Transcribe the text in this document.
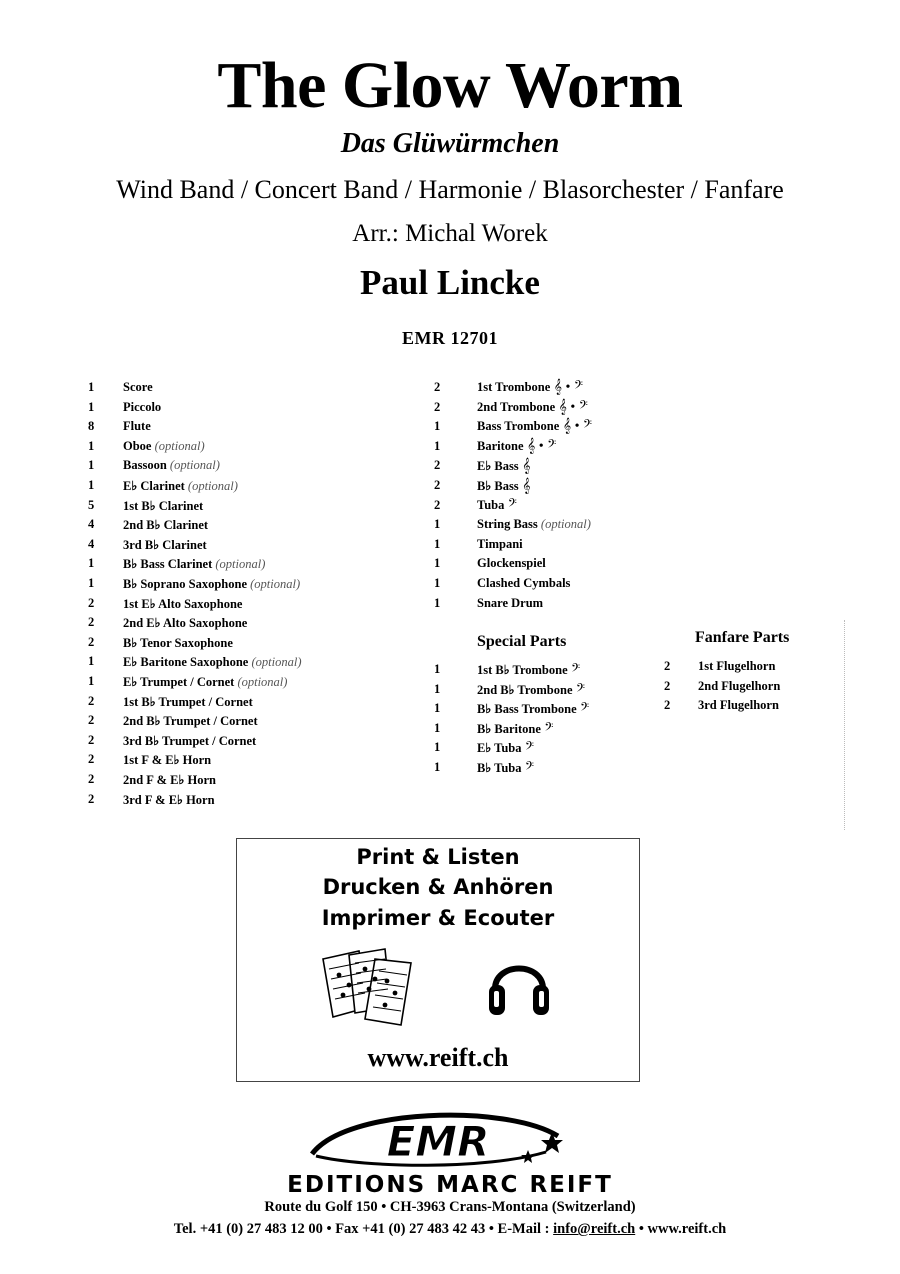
The Glow Worm
Das Glüwürmchen
Wind Band / Concert Band / Harmonie / Blasorchester / Fanfare
Arr.: Michal Worek
Paul Lincke
EMR 12701
1 Score
1 Piccolo
8 Flute
1 Oboe (optional)
1 Bassoon (optional)
1 E♭ Clarinet (optional)
5 1st B♭ Clarinet
4 2nd B♭ Clarinet
4 3rd B♭ Clarinet
1 B♭ Bass Clarinet (optional)
1 B♭ Soprano Saxophone (optional)
2 1st E♭ Alto Saxophone
2 2nd E♭ Alto Saxophone
2 B♭ Tenor Saxophone
1 E♭ Baritone Saxophone (optional)
1 E♭ Trumpet / Cornet (optional)
2 1st B♭ Trumpet / Cornet
2 2nd B♭ Trumpet / Cornet
2 3rd B♭ Trumpet / Cornet
2 1st F & E♭ Horn
2 2nd F & E♭ Horn
2 3rd F & E♭ Horn
2	1st Trombone 𝄞 • 𝄢
2	2nd Trombone 𝄞 • 𝄢
1	Bass Trombone 𝄞 • 𝄢
1	Baritone 𝄞 • 𝄢
2	E♭ Bass 𝄞
2	B♭ Bass 𝄞
2	Tuba 𝄢
1	String Bass (optional)
1	Timpani
1	Glockenspiel
1	Clashed Cymbals
1	Snare Drum
Special Parts
1	1st B♭ Trombone 𝄢
1	2nd B♭ Trombone 𝄢
1	B♭ Bass Trombone 𝄢
1	B♭ Baritone 𝄢
1	E♭ Tuba 𝄢
1	B♭ Tuba 𝄢
Fanfare Parts
2 1st Flugelhorn
2 2nd Flugelhorn
2 3rd Flugelhorn
Print & Listen
Drucken & Anhören
Imprimer & Ecouter
www.reift.ch
EMR
EDITIONS MARC REIFT
Route du Golf 150 • CH-3963 Crans-Montana (Switzerland)
Tel. +41 (0) 27 483 12 00 • Fax +41 (0) 27 483 42 43 • E-Mail : info@reift.ch • www.reift.ch
